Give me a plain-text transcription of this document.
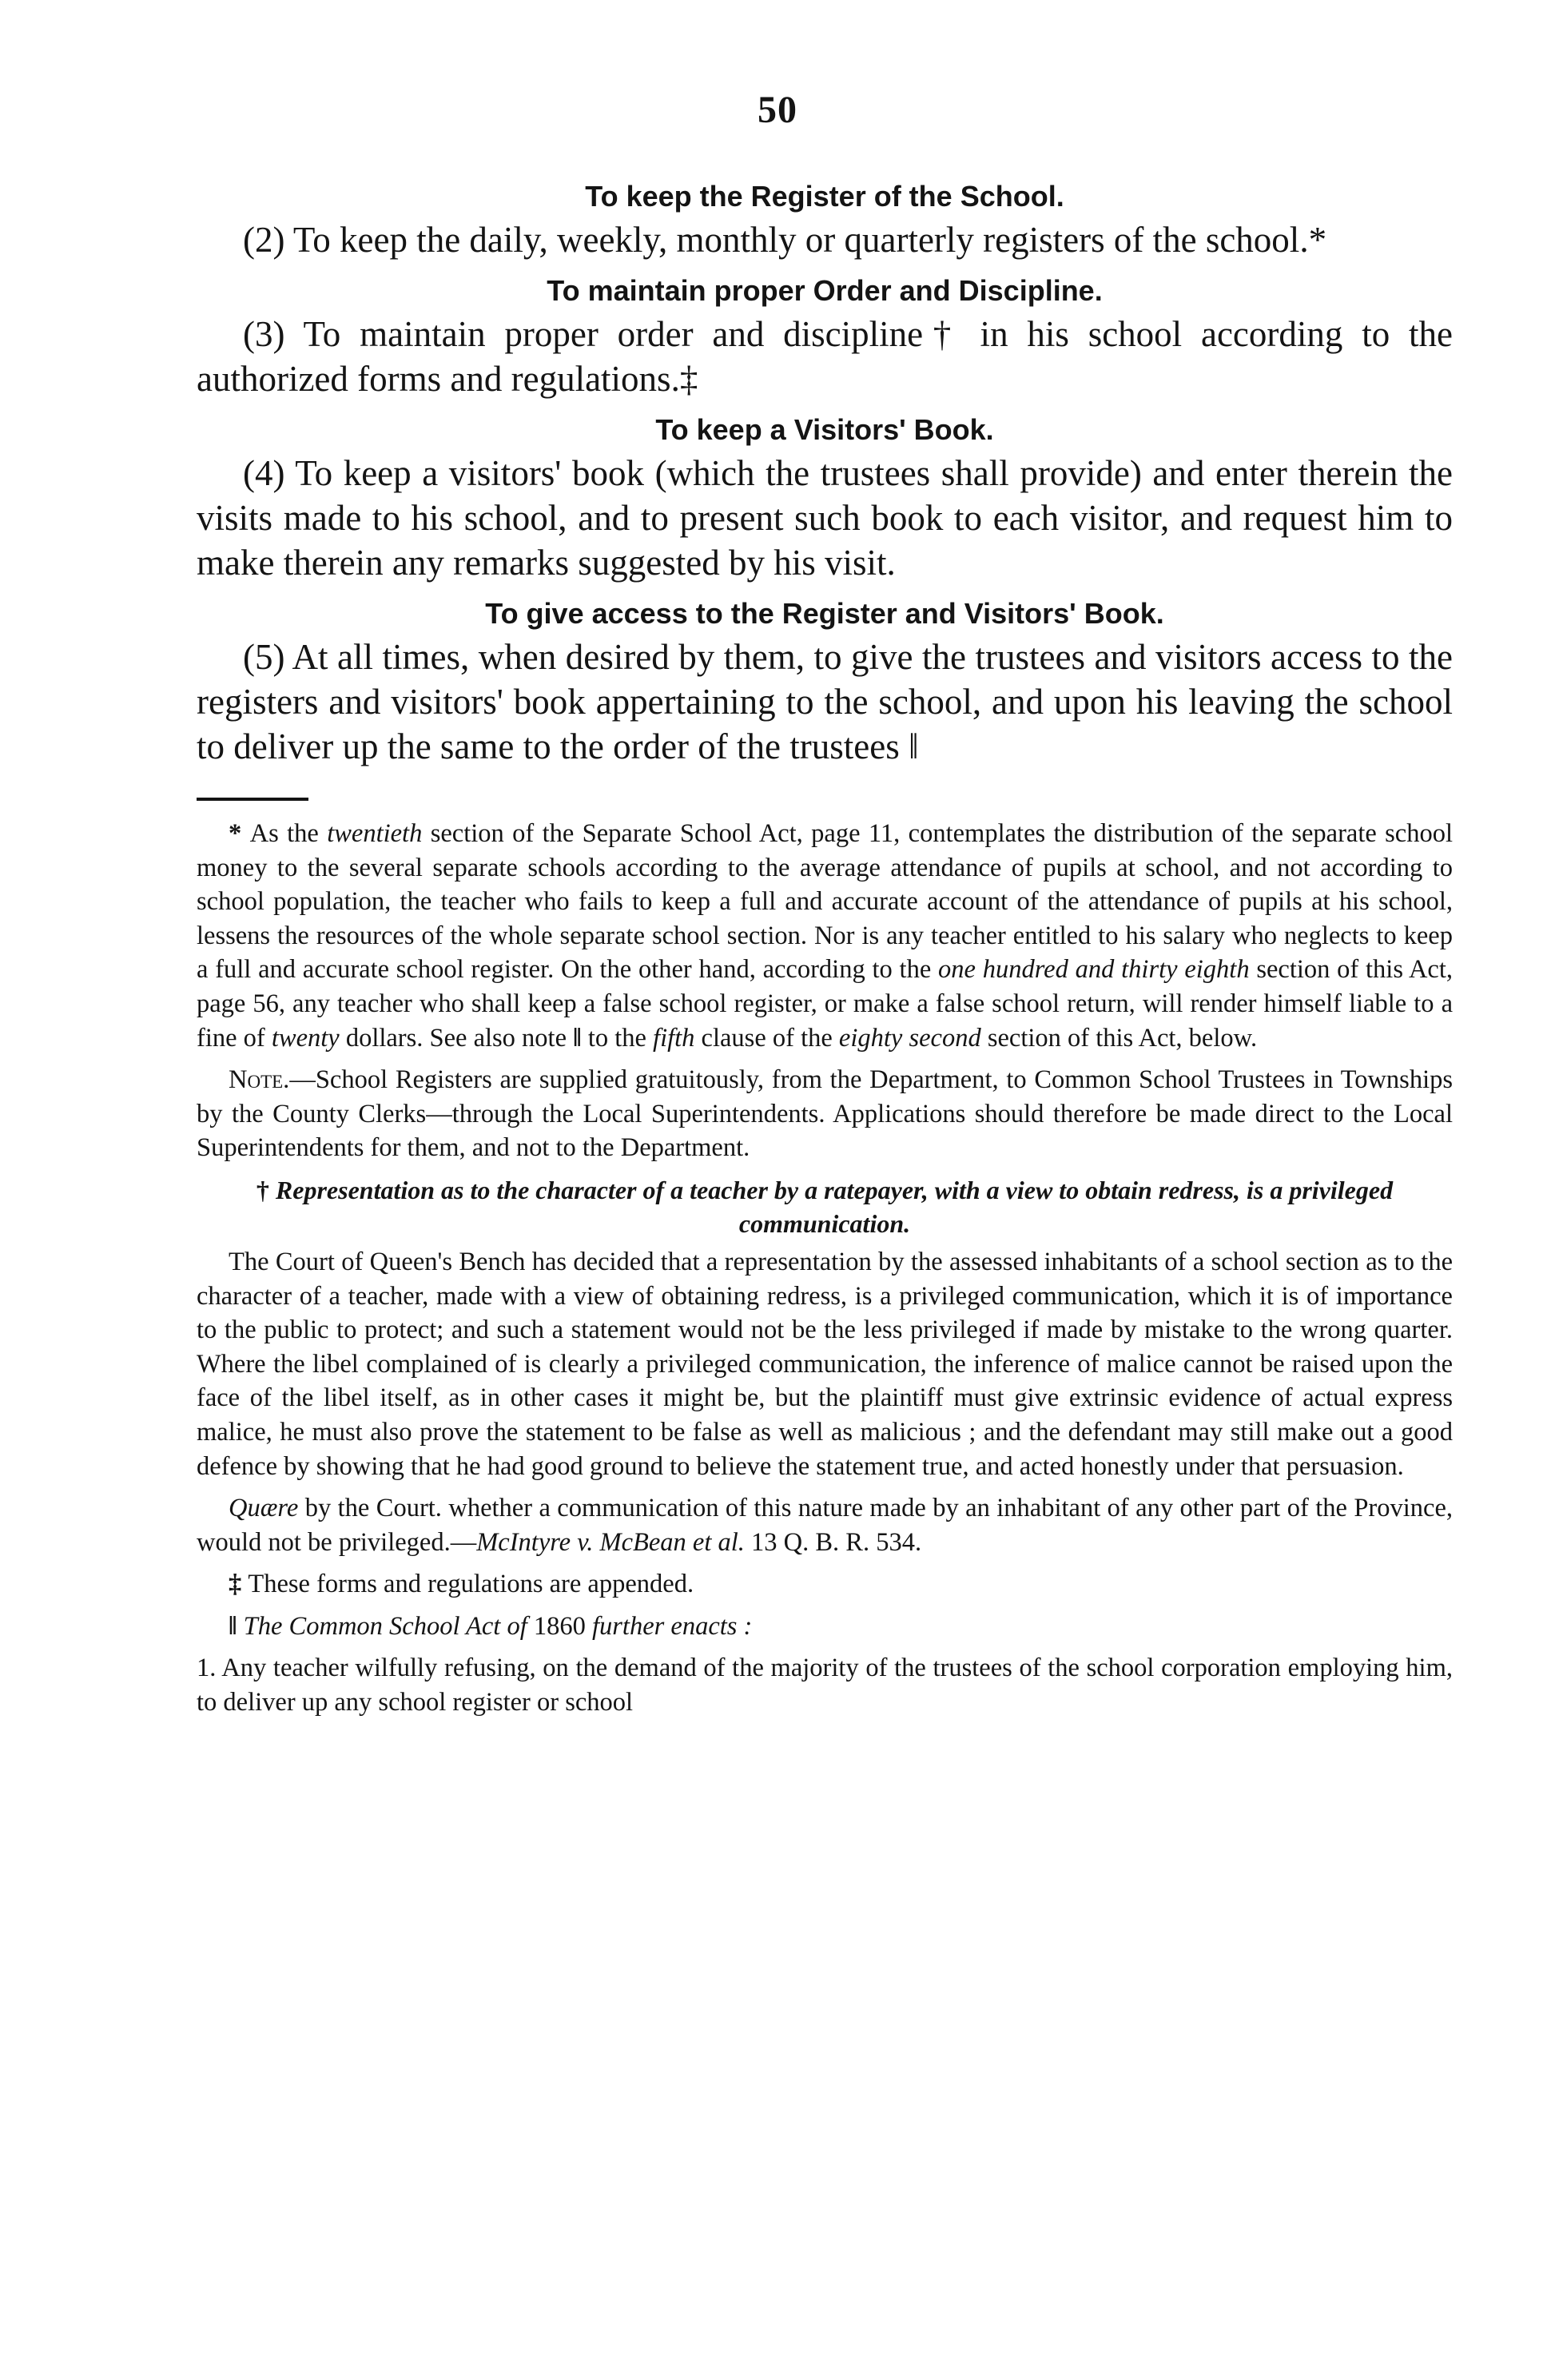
50

To keep the Register of the School.

(2) To keep the daily, weekly, monthly or quarterly registers of the school.*

To maintain proper Order and Discipline.

(3) To maintain proper order and discipline† in his school according to the authorized forms and regulations.‡

To keep a Visitors' Book.

(4) To keep a visitors' book (which the trustees shall provide) and enter therein the visits made to his school, and to present such book to each visitor, and request him to make therein any remarks suggested by his visit.

To give access to the Register and Visitors' Book.

(5) At all times, when desired by them, to give the trustees and visitors access to the registers and visitors' book appertaining to the school, and upon his leaving the school to deliver up the same to the order of the trustees ‖

* As the twentieth section of the Separate School Act, page 11, contemplates the distribution of the separate school money to the several separate schools according to the average attendance of pupils at school, and not according to school population, the teacher who fails to keep a full and accurate account of the attendance of pupils at his school, lessens the resources of the whole separate school section. Nor is any teacher entitled to his salary who neglects to keep a full and accurate school register. On the other hand, according to the one hundred and thirty eighth section of this Act, page 56, any teacher who shall keep a false school register, or make a false school return, will render himself liable to a fine of twenty dollars. See also note ‖ to the fifth clause of the eighty second section of this Act, below.

Note.—School Registers are supplied gratuitously, from the Department, to Common School Trustees in Townships by the County Clerks—through the Local Superintendents. Applications should therefore be made direct to the Local Superintendents for them, and not to the Department.

† Representation as to the character of a teacher by a ratepayer, with a view to obtain redress, is a privileged communication.

The Court of Queen's Bench has decided that a representation by the assessed inhabitants of a school section as to the character of a teacher, made with a view of obtaining redress, is a privileged communication, which it is of importance to the public to protect; and such a statement would not be the less privileged if made by mistake to the wrong quarter. Where the libel complained of is clearly a privileged communication, the inference of malice cannot be raised upon the face of the libel itself, as in other cases it might be, but the plaintiff must give extrinsic evidence of actual express malice, he must also prove the statement to be false as well as malicious ; and the defendant may still make out a good defence by showing that he had good ground to believe the statement true, and acted honestly under that persuasion.

Quære by the Court. whether a communication of this nature made by an inhabitant of any other part of the Province, would not be privileged.—McIntyre v. McBean et al. 13 Q. B. R. 534.

‡ These forms and regulations are appended.

‖ The Common School Act of 1860 further enacts :

1. Any teacher wilfully refusing, on the demand of the majority of the trustees of the school corporation employing him, to deliver up any school register or school
